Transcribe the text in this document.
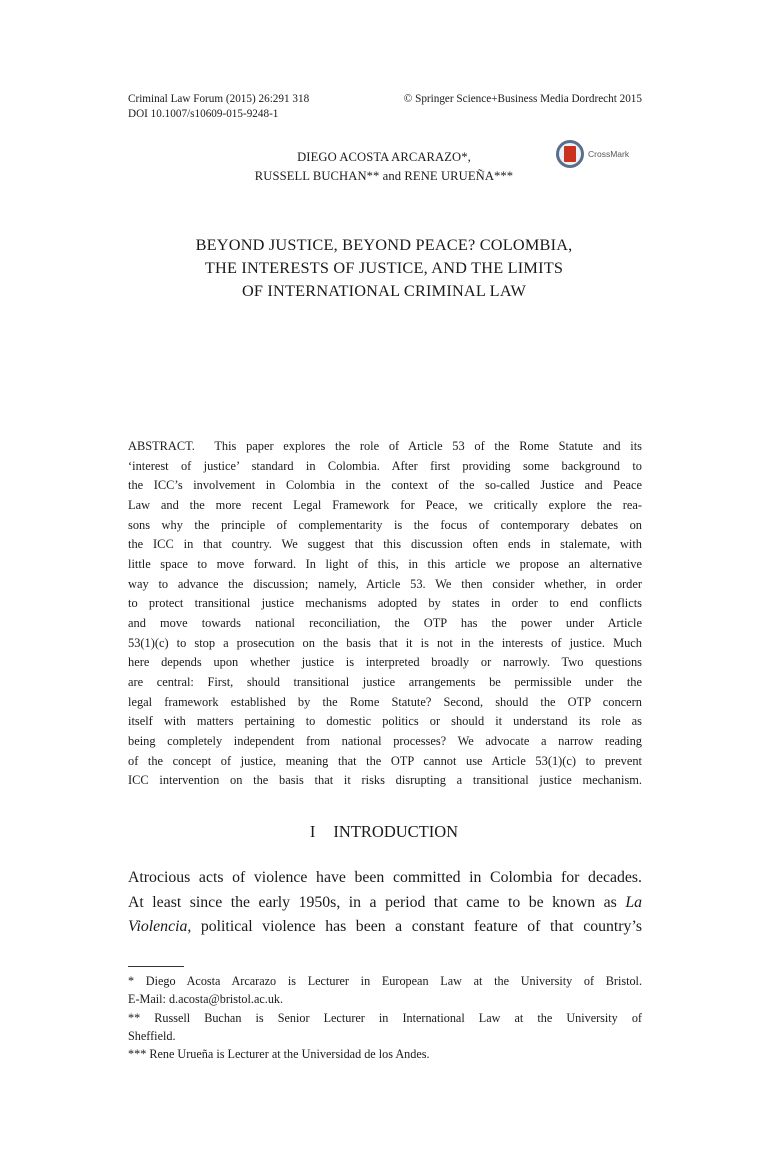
Criminal Law Forum (2015) 26:291 318	© Springer Science+Business Media Dordrecht 2015
DOI 10.1007/s10609-015-9248-1
DIEGO ACOSTA ARCARAZO*,
RUSSELL BUCHAN** and RENE URUEÑA***
CrossMark
BEYOND JUSTICE, BEYOND PEACE? COLOMBIA,
THE INTERESTS OF JUSTICE, AND THE LIMITS
OF INTERNATIONAL CRIMINAL LAW
ABSTRACT. This paper explores the role of Article 53 of the Rome Statute and its
‘interest of justice’ standard in Colombia. After first providing some background to
the ICC’s involvement in Colombia in the context of the so-called Justice and Peace
Law and the more recent Legal Framework for Peace, we critically explore the rea-
sons why the principle of complementarity is the focus of contemporary debates on
the ICC in that country. We suggest that this discussion often ends in stalemate, with
little space to move forward. In light of this, in this article we propose an alternative
way to advance the discussion; namely, Article 53. We then consider whether, in order
to protect transitional justice mechanisms adopted by states in order to end conflicts
and move towards national reconciliation, the OTP has the power under Article
53(1)(c) to stop a prosecution on the basis that it is not in the interests of justice. Much
here depends upon whether justice is interpreted broadly or narrowly. Two questions
are central: First, should transitional justice arrangements be permissible under the
legal framework established by the Rome Statute? Second, should the OTP concern
itself with matters pertaining to domestic politics or should it understand its role as
being completely independent from national processes? We advocate a narrow reading
of the concept of justice, meaning that the OTP cannot use Article 53(1)(c) to prevent
ICC intervention on the basis that it risks disrupting a transitional justice mechanism.
I INTRODUCTION
Atrocious acts of violence have been committed in Colombia for decades.
At least since the early 1950s, in a period that came to be known as La
Violencia, political violence has been a constant feature of that country’s
* Diego Acosta Arcarazo is Lecturer in European Law at the University of Bristol.
E-Mail: d.acosta@bristol.ac.uk.
** Russell Buchan is Senior Lecturer in International Law at the University of
Sheffield.
*** Rene Urueña is Lecturer at the Universidad de los Andes.
